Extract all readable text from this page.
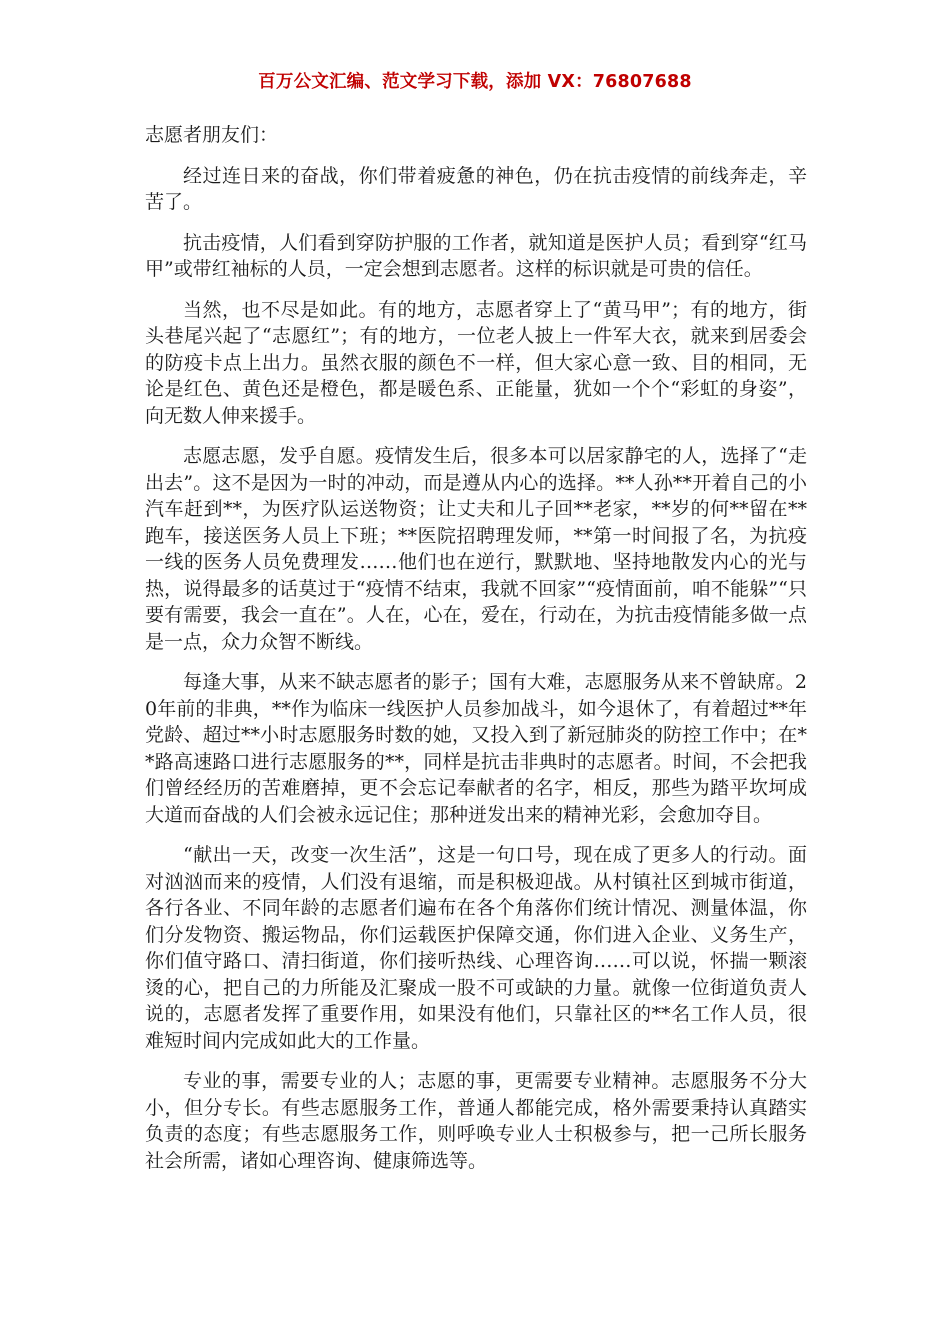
百万公文汇编、范文学习下载，添加 VX：76807688

志愿者朋友们：

经过连日来的奋战，你们带着疲惫的神色，仍在抗击疫情的前线奔走，辛苦了。

抗击疫情，人们看到穿防护服的工作者，就知道是医护人员；看到穿“红马甲”或带红袖标的人员，一定会想到志愿者。这样的标识就是可贵的信任。

当然，也不尽是如此。有的地方，志愿者穿上了“黄马甲”；有的地方，街头巷尾兴起了“志愿红”；有的地方，一位老人披上一件军大衣，就来到居委会的防疫卡点上出力。虽然衣服的颜色不一样，但大家心意一致、目的相同，无论是红色、黄色还是橙色，都是暖色系、正能量，犹如一个个“彩虹的身姿”，向无数人伸来援手。

志愿志愿，发乎自愿。疫情发生后，很多本可以居家静宅的人，选择了“走出去”。这不是因为一时的冲动，而是遵从内心的选择。**人孙**开着自己的小汽车赶到**，为医疗队运送物资；让丈夫和儿子回**老家，**岁的何**留在**跑车，接送医务人员上下班；**医院招聘理发师，**第一时间报了名，为抗疫一线的医务人员免费理发……他们也在逆行，默默地、坚持地散发内心的光与热，说得最多的话莫过于“疫情不结束，我就不回家”“疫情面前，咱不能躲”“只要有需要，我会一直在”。人在，心在，爱在，行动在，为抗击疫情能多做一点是一点，众力众智不断线。

每逢大事，从来不缺志愿者的影子；国有大难，志愿服务从来不曾缺席。20年前的非典，**作为临床一线医护人员参加战斗，如今退休了，有着超过**年党龄、超过**小时志愿服务时数的她，又投入到了新冠肺炎的防控工作中；在**路高速路口进行志愿服务的**，同样是抗击非典时的志愿者。时间，不会把我们曾经经历的苦难磨掉，更不会忘记奉献者的名字，相反，那些为踏平坎坷成大道而奋战的人们会被永远记住；那种迸发出来的精神光彩，会愈加夺目。

“献出一天，改变一次生活”，这是一句口号，现在成了更多人的行动。面对汹汹而来的疫情，人们没有退缩，而是积极迎战。从村镇社区到城市街道，各行各业、不同年龄的志愿者们遍布在各个角落你们统计情况、测量体温，你们分发物资、搬运物品，你们运载医护保障交通，你们进入企业、义务生产，你们值守路口、清扫街道，你们接听热线、心理咨询……可以说，怀揣一颗滚烫的心，把自己的力所能及汇聚成一股不可或缺的力量。就像一位街道负责人说的，志愿者发挥了重要作用，如果没有他们，只靠社区的**名工作人员，很难短时间内完成如此大的工作量。

专业的事，需要专业的人；志愿的事，更需要专业精神。志愿服务不分大小，但分专长。有些志愿服务工作，普通人都能完成，格外需要秉持认真踏实负责的态度；有些志愿服务工作，则呼唤专业人士积极参与，把一己所长服务社会所需，诸如心理咨询、健康筛选等。
